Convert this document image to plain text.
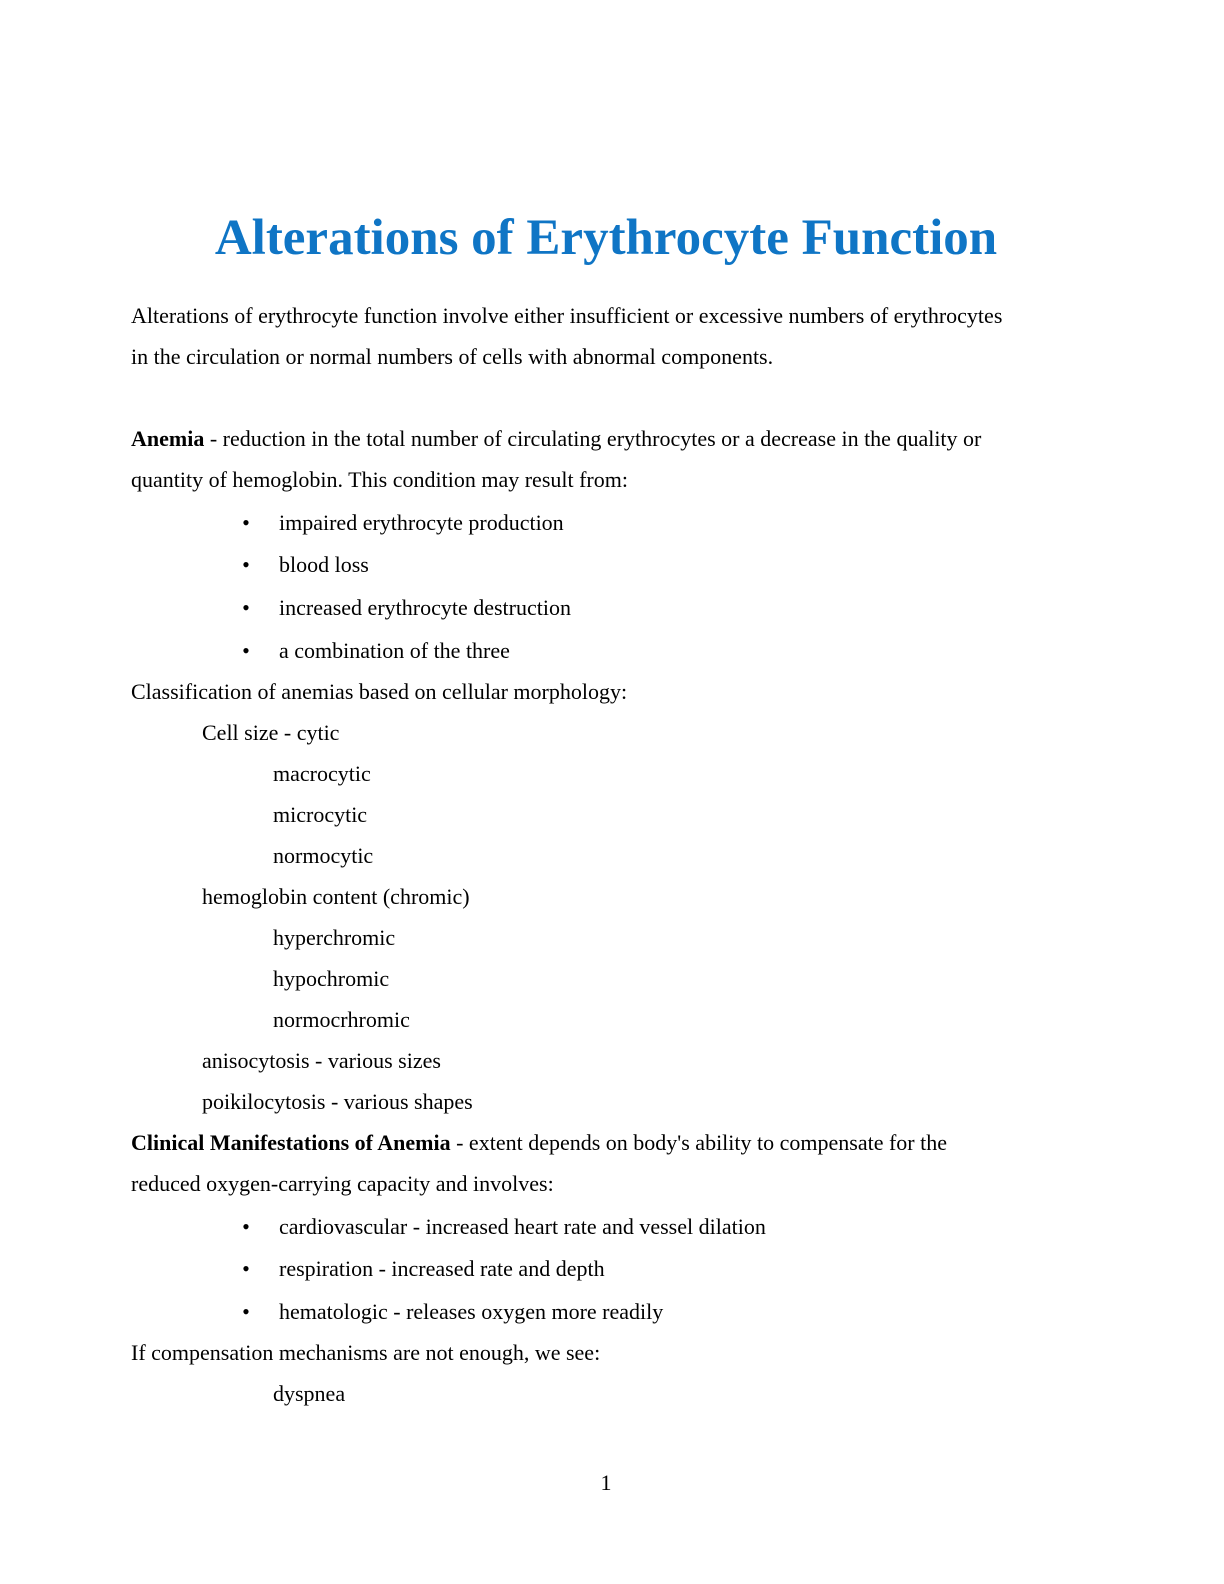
Alterations of Erythrocyte Function

Alterations of erythrocyte function involve either insufficient or excessive numbers of erythrocytes

in the circulation or normal numbers of cells with abnormal components.

Anemia - reduction in the total number of circulating erythrocytes or a decrease in the quality or

quantity of hemoglobin. This condition may result from:

• impaired erythrocyte production
• blood loss
• increased erythrocyte destruction
• a combination of the three

Classification of anemias based on cellular morphology:

Cell size - cytic

macrocytic

microcytic

normocytic

hemoglobin content (chromic)

hyperchromic

hypochromic

normocrhromic

anisocytosis - various sizes

poikilocytosis - various shapes

Clinical Manifestations of Anemia - extent depends on body's ability to compensate for the

reduced oxygen-carrying capacity and involves:

• cardiovascular - increased heart rate and vessel dilation
• respiration - increased rate and depth
• hematologic - releases oxygen more readily

If compensation mechanisms are not enough, we see:

dyspnea

1
